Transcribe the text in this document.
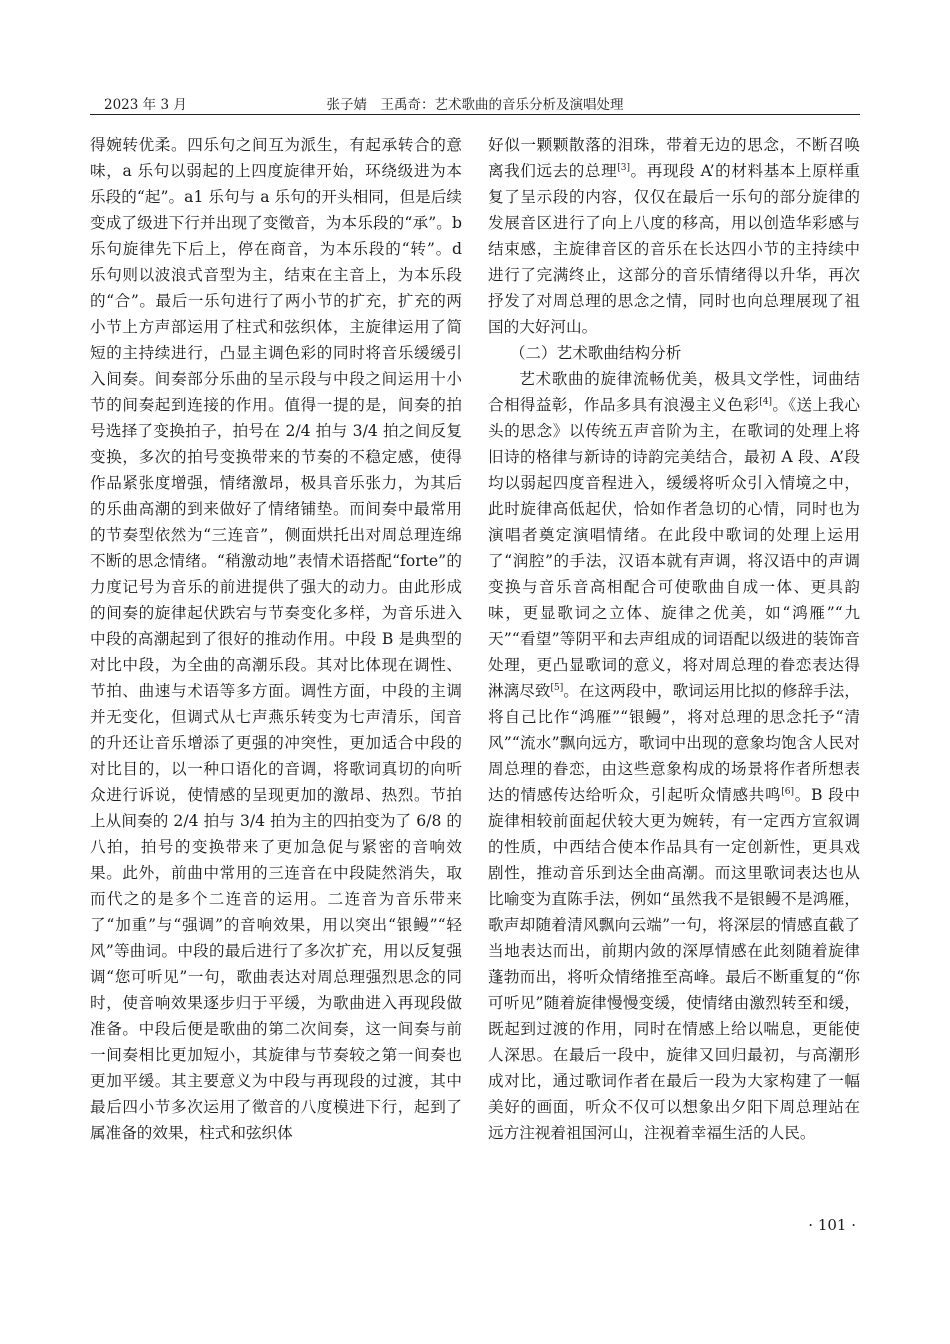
2023 年 3 月	张子婧　王禹奇：艺术歌曲的音乐分析及演唱处理

得婉转优柔。四乐句之间互为派生，有起承转合的意味，a 乐句以弱起的上四度旋律开始，环绕级进为本乐段的“起”。a1 乐句与 a 乐句的开头相同，但是后续变成了级进下行并出现了变徵音，为本乐段的“承”。b 乐句旋律先下后上，停在商音，为本乐段的“转”。d 乐句则以波浪式音型为主，结束在主音上，为本乐段的“合”。最后一乐句进行了两小节的扩充，扩充的两小节上方声部运用了柱式和弦织体，主旋律运用了简短的主持续进行，凸显主调色彩的同时将音乐缓缓引入间奏。间奏部分乐曲的呈示段与中段之间运用十小节的间奏起到连接的作用。值得一提的是，间奏的拍号选择了变换拍子，拍号在 2/4 拍与 3/4 拍之间反复变换，多次的拍号变换带来的节奏的不稳定感，使得作品紧张度增强，情绪激昂，极具音乐张力，为其后的乐曲高潮的到来做好了情绪铺垫。而间奏中最常用的节奏型依然为“三连音”，侧面烘托出对周总理连绵不断的思念情绪。“稍激动地”表情术语搭配“forte”的力度记号为音乐的前进提供了强大的动力。由此形成的间奏的旋律起伏跌宕与节奏变化多样，为音乐进入中段的高潮起到了很好的推动作用。中段 B 是典型的对比中段，为全曲的高潮乐段。其对比体现在调性、节拍、曲速与术语等多方面。调性方面，中段的主调并无变化，但调式从七声燕乐转变为七声清乐，闰音的升还让音乐增添了更强的冲突性，更加适合中段的对比目的，以一种口语化的音调，将歌词真切的向听众进行诉说，使情感的呈现更加的激昂、热烈。节拍上从间奏的 2/4 拍与 3/4 拍为主的四拍变为了 6/8 的八拍，拍号的变换带来了更加急促与紧密的音响效果。此外，前曲中常用的三连音在中段陡然消失，取而代之的是多个二连音的运用。二连音为音乐带来了“加重”与“强调”的音响效果，用以突出“银鳗”“轻风”等曲词。中段的最后进行了多次扩充，用以反复强调“您可听见”一句，歌曲表达对周总理强烈思念的同时，使音响效果逐步归于平缓，为歌曲进入再现段做准备。中段后便是歌曲的第二次间奏，这一间奏与前一间奏相比更加短小，其旋律与节奏较之第一间奏也更加平缓。其主要意义为中段与再现段的过渡，其中最后四小节多次运用了徵音的八度模进下行，起到了属准备的效果，柱式和弦织体

好似一颗颗散落的泪珠，带着无边的思念，不断召唤离我们远去的总理[3]。再现段 A’的材料基本上原样重复了呈示段的内容，仅仅在最后一乐句的部分旋律的发展音区进行了向上八度的移高，用以创造华彩感与结束感，主旋律音区的音乐在长达四小节的主持续中进行了完满终止，这部分的音乐情绪得以升华，再次抒发了对周总理的思念之情，同时也向总理展现了祖国的大好河山。

（二）艺术歌曲结构分析

艺术歌曲的旋律流畅优美，极具文学性，词曲结合相得益彰，作品多具有浪漫主义色彩[4]。《送上我心头的思念》以传统五声音阶为主，在歌词的处理上将旧诗的格律与新诗的诗韵完美结合，最初 A 段、A’段均以弱起四度音程进入，缓缓将听众引入情境之中，此时旋律高低起伏，恰如作者急切的心情，同时也为演唱者奠定演唱情绪。在此段中歌词的处理上运用了“润腔”的手法，汉语本就有声调，将汉语中的声调变换与音乐音高相配合可使歌曲自成一体、更具韵味，更显歌词之立体、旋律之优美，如“鸿雁”“九天”“看望”等阴平和去声组成的词语配以级进的装饰音处理，更凸显歌词的意义，将对周总理的眷恋表达得淋漓尽致[5]。在这两段中，歌词运用比拟的修辞手法，将自己比作“鸿雁”“银鳗”，将对总理的思念托予“清风”“流水”飘向远方，歌词中出现的意象均饱含人民对周总理的眷恋，由这些意象构成的场景将作者所想表达的情感传达给听众，引起听众情感共鸣[6]。B 段中旋律相较前面起伏较大更为婉转，有一定西方宣叙调的性质，中西结合使本作品具有一定创新性，更具戏剧性，推动音乐到达全曲高潮。而这里歌词表达也从比喻变为直陈手法，例如“虽然我不是银鳗不是鸿雁，歌声却随着清风飘向云端”一句，将深层的情感直截了当地表达而出，前期内敛的深厚情感在此刻随着旋律蓬勃而出，将听众情绪推至高峰。最后不断重复的“你可听见”随着旋律慢慢变缓，使情绪由激烈转至和缓，既起到过渡的作用，同时在情感上给以喘息，更能使人深思。在最后一段中，旋律又回归最初，与高潮形成对比，通过歌词作者在最后一段为大家构建了一幅美好的画面，听众不仅可以想象出夕阳下周总理站在远方注视着祖国河山，注视着幸福生活的人民。

· 101 ·
